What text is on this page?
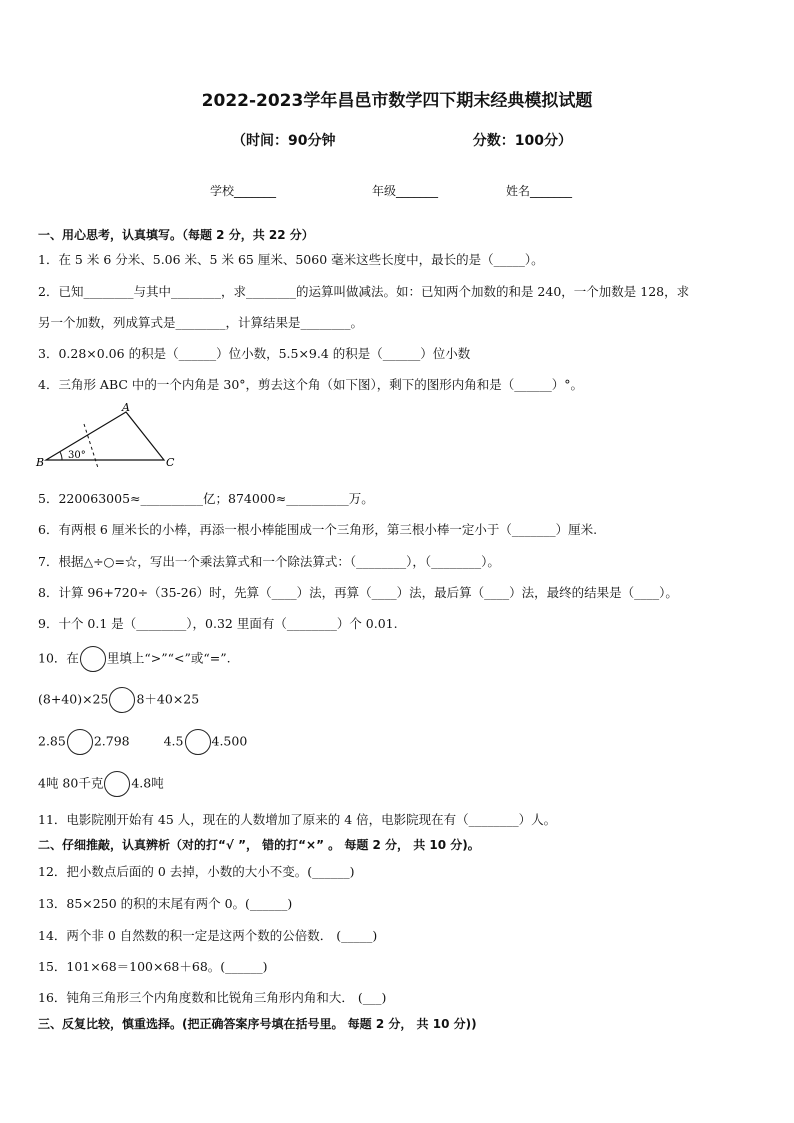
2022-2023学年昌邑市数学四下期末经典模拟试题
（时间：90分钟	分数：100分）
学校_______	年级_______	姓名_______
一、用心思考，认真填写。（每题 2 分，共 22 分）
1．在 5 米 6 分米、5.06 米、5 米 65 厘米、5060 毫米这些长度中，最长的是（_____）。
2．已知________与其中________，求________的运算叫做减法。如：已知两个加数的和是 240，一个加数是 128，求
另一个加数，列成算式是________，计算结果是________。
3．0.28×0.06 的积是（______）位小数，5.5×9.4 的积是（______）位小数
4．三角形 ABC 中的一个内角是 30°，剪去这个角（如下图），剩下的图形内角和是（______）°。
A
B	C
30°
5．220063005≈__________亿；874000≈__________万。
6．有两根 6 厘米长的小棒，再添一根小棒能围成一个三角形，第三根小棒一定小于（_______）厘米.
7．根据△÷○=☆，写出一个乘法算式和一个除法算式：（________），（________）。
8．计算 96+720÷（35-26）时，先算（____）法，再算（____）法，最后算（____）法，最终的结果是（____）。
9．十个 0.1 是（________），0.32 里面有（________）个 0.01.
10．在 里填上“>”“<”或“=”.
(8+40)×25 8＋40×25
2.85 2.798	4.5 4.500
4吨 80千克 4.8吨
11．电影院刚开始有 45 人，现在的人数增加了原来的 4 倍，电影院现在有（________）人。
二、仔细推敲，认真辨析（对的打“√ ”， 错的打“×” 。 每题 2 分， 共 10 分)。
12．把小数点后面的 0 去掉，小数的大小不变。(______)
13．85×250 的积的末尾有两个 0。(______)
14．两个非 0 自然数的积一定是这两个数的公倍数． (_____)
15．101×68＝100×68＋68。(______)
16．钝角三角形三个内角度数和比锐角三角形内角和大． (___)
三、反复比较，慎重选择。(把正确答案序号填在括号里。 每题 2 分， 共 10 分))
